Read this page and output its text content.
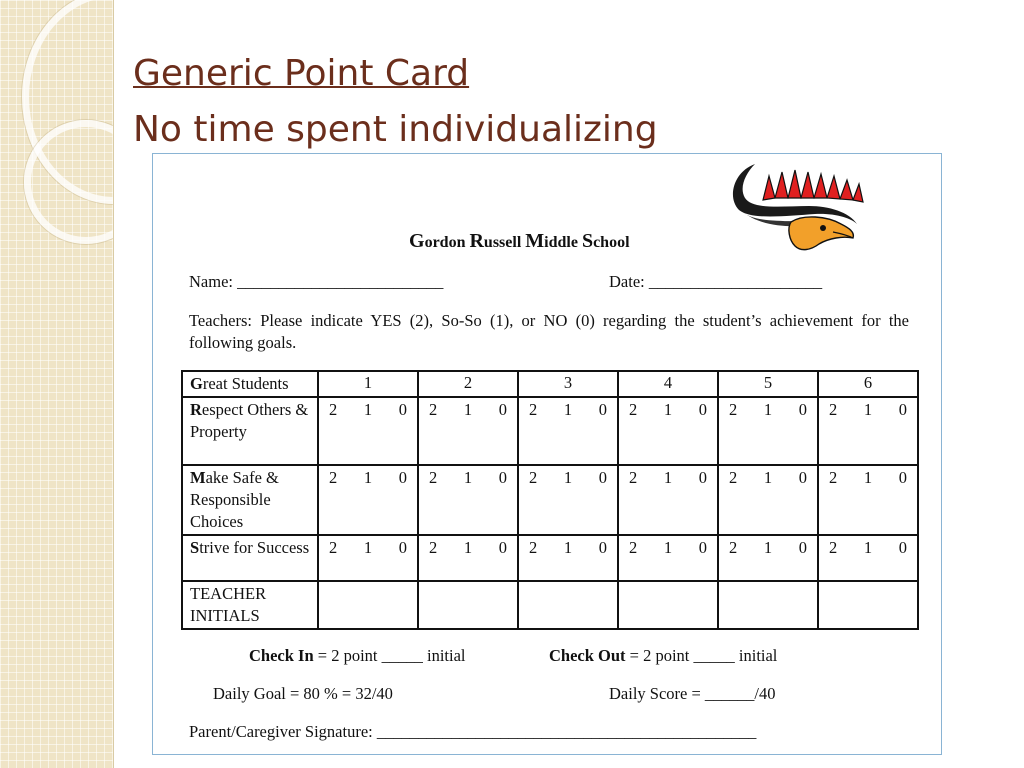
Generic Point Card
No time spent individualizing
Gordon Russell Middle School
Name: _________________________	Date: _____________________
Teachers: Please indicate YES (2), So-So (1), or NO (0) regarding the student’s achievement for the following goals.
Great Students	1	2	3	4	5	6
Respect Others & Property	2 1 0	2 1 0	2 1 0	2 1 0	2 1 0	2 1 0

Make Safe & Responsible Choices	2 1 0	2 1 0	2 1 0	2 1 0	2 1 0	2 1 0

Strive for Success	2 1 0	2 1 0	2 1 0	2 1 0	2 1 0	2 1 0

TEACHER INITIALS						
Check In = 2 point _____ initial	Check Out = 2 point _____ initial
Daily Goal = 80 % = 32/40	Daily Score = ______/40
Parent/Caregiver Signature: ______________________________________________
